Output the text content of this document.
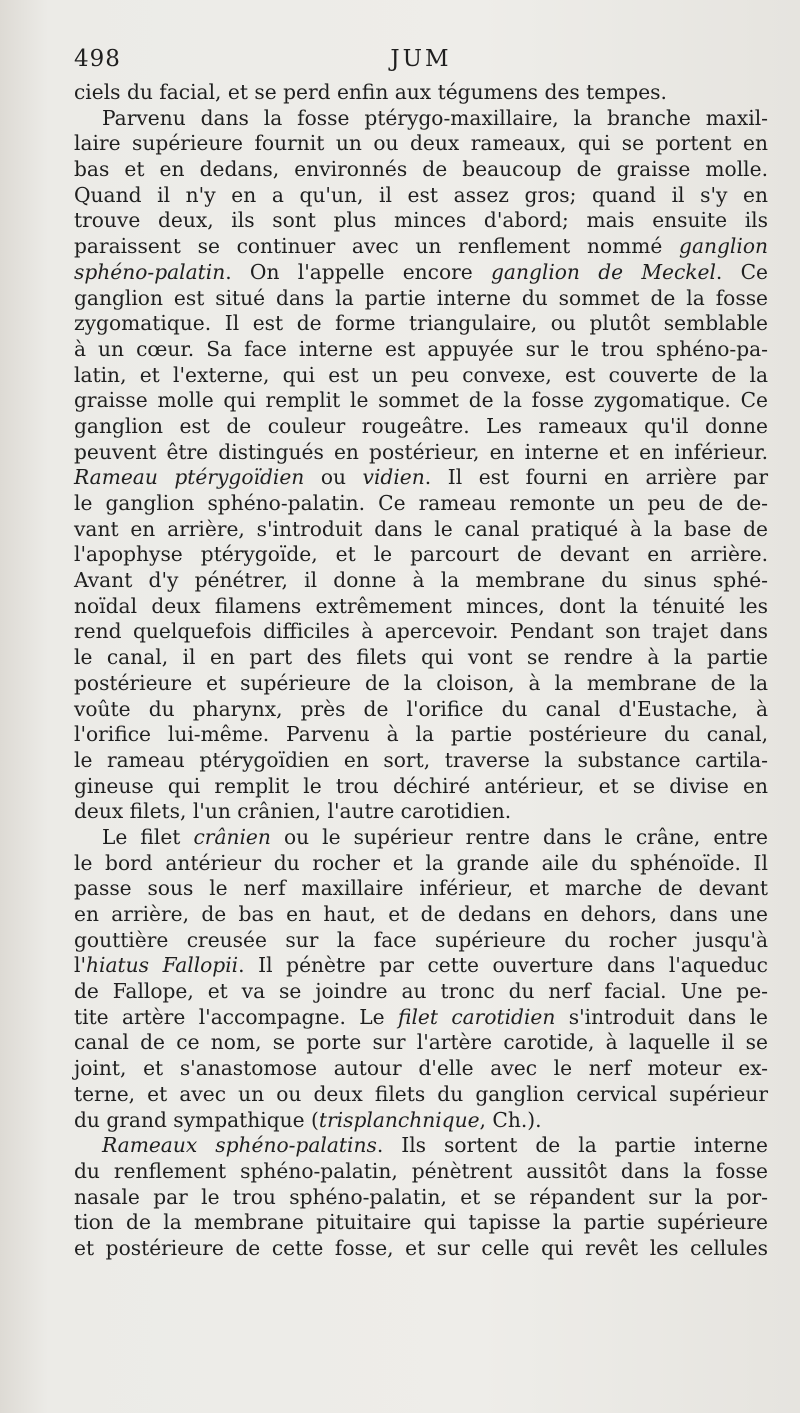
498	JUM
ciels du facial, et se perd enfin aux tégumens des tempes.
Parvenu dans la fosse ptérygo-maxillaire, la branche maxil-
laire supérieure fournit un ou deux rameaux, qui se portent en
bas et en dedans, environnés de beaucoup de graisse molle.
Quand il n'y en a qu'un, il est assez gros; quand il s'y en
trouve deux, ils sont plus minces d'abord; mais ensuite ils
paraissent se continuer avec un renflement nommé ganglion
sphéno-palatin. On l'appelle encore ganglion de Meckel. Ce
ganglion est situé dans la partie interne du sommet de la fosse
zygomatique. Il est de forme triangulaire, ou plutôt semblable
à un cœur. Sa face interne est appuyée sur le trou sphéno-pa-
latin, et l'externe, qui est un peu convexe, est couverte de la
graisse molle qui remplit le sommet de la fosse zygomatique. Ce
ganglion est de couleur rougeâtre. Les rameaux qu'il donne
peuvent être distingués en postérieur, en interne et en inférieur.
Rameau ptérygoïdien ou vidien. Il est fourni en arrière par
le ganglion sphéno-palatin. Ce rameau remonte un peu de de-
vant en arrière, s'introduit dans le canal pratiqué à la base de
l'apophyse ptérygoïde, et le parcourt de devant en arrière.
Avant d'y pénétrer, il donne à la membrane du sinus sphé-
noïdal deux filamens extrêmement minces, dont la ténuité les
rend quelquefois difficiles à apercevoir. Pendant son trajet dans
le canal, il en part des filets qui vont se rendre à la partie
postérieure et supérieure de la cloison, à la membrane de la
voûte du pharynx, près de l'orifice du canal d'Eustache, à
l'orifice lui-même. Parvenu à la partie postérieure du canal,
le rameau ptérygoïdien en sort, traverse la substance cartila-
gineuse qui remplit le trou déchiré antérieur, et se divise en
deux filets, l'un crânien, l'autre carotidien.
Le filet crânien ou le supérieur rentre dans le crâne, entre
le bord antérieur du rocher et la grande aile du sphénoïde. Il
passe sous le nerf maxillaire inférieur, et marche de devant
en arrière, de bas en haut, et de dedans en dehors, dans une
gouttière creusée sur la face supérieure du rocher jusqu'à
l'hiatus Fallopii. Il pénètre par cette ouverture dans l'aqueduc
de Fallope, et va se joindre au tronc du nerf facial. Une pe-
tite artère l'accompagne. Le filet carotidien s'introduit dans le
canal de ce nom, se porte sur l'artère carotide, à laquelle il se
joint, et s'anastomose autour d'elle avec le nerf moteur ex-
terne, et avec un ou deux filets du ganglion cervical supérieur
du grand sympathique (trisplanchnique, Ch.).
Rameaux sphéno-palatins. Ils sortent de la partie interne
du renflement sphéno-palatin, pénètrent aussitôt dans la fosse
nasale par le trou sphéno-palatin, et se répandent sur la por-
tion de la membrane pituitaire qui tapisse la partie supérieure
et postérieure de cette fosse, et sur celle qui revêt les cellules
